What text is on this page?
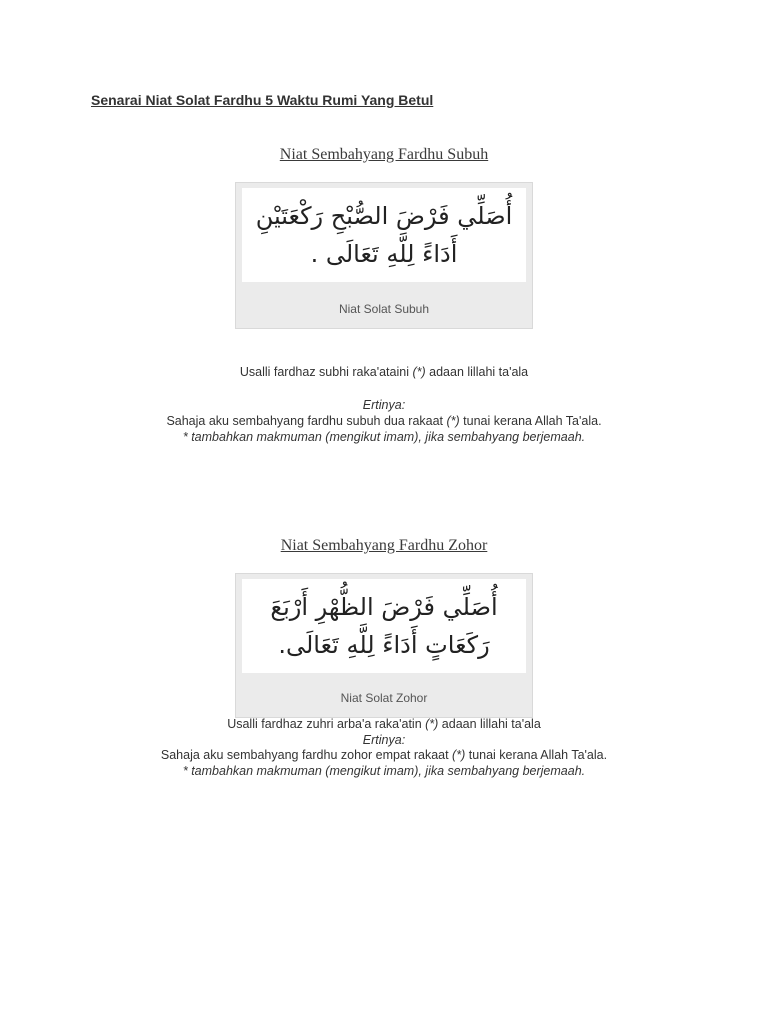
Senarai Niat Solat Fardhu 5 Waktu Rumi Yang Betul
Niat Sembahyang Fardhu Subuh
أُصَلِّي فَرْضَ الصُّبْحِ رَكْعَتَيْنِ
أَدَاءً لِلَّهِ تَعَالَى .
Niat Solat Subuh
Usalli fardhaz subhi raka'ataini (*) adaan lillahi ta'ala
Ertinya:
Sahaja aku sembahyang fardhu subuh dua rakaat (*) tunai kerana Allah Ta'ala.
* tambahkan makmuman (mengikut imam), jika sembahyang berjemaah.
Niat Sembahyang Fardhu Zohor
أُصَلِّي فَرْضَ الظُّهْرِ أَرْبَعَ
رَكَعَاتٍ أَدَاءً لِلَّهِ تَعَالَى.
Niat Solat Zohor
Usalli fardhaz zuhri arba'a raka'atin (*) adaan lillahi ta'ala
Ertinya:
Sahaja aku sembahyang fardhu zohor empat rakaat (*) tunai kerana Allah Ta'ala.
* tambahkan makmuman (mengikut imam), jika sembahyang berjemaah.
